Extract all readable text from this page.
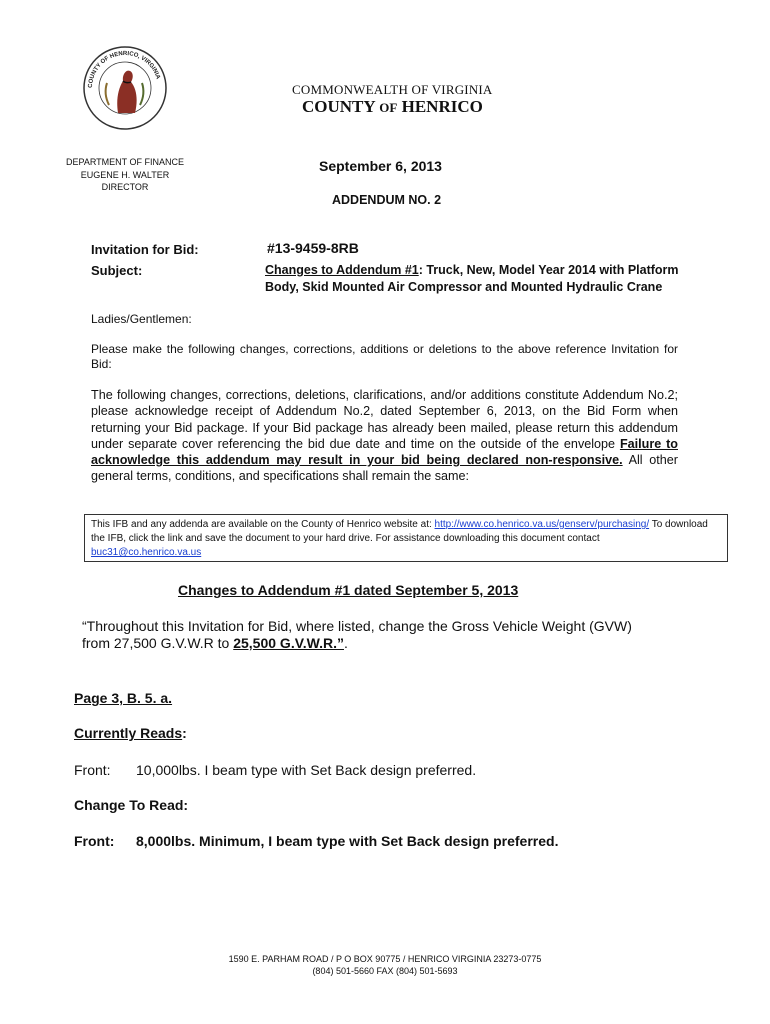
COUNTY OF HENRICO, VIRGINIA
COMMONWEALTH OF VIRGINIA
COUNTY OF HENRICO
DEPARTMENT OF FINANCE
EUGENE H. WALTER
DIRECTOR
September 6, 2013
ADDENDUM NO. 2
Invitation for Bid:	#13-9459-8RB
Subject:	Changes to Addendum #1: Truck, New, Model Year 2014 with Platform Body, Skid Mounted Air Compressor and Mounted Hydraulic Crane
Ladies/Gentlemen:
Please make the following changes, corrections, additions or deletions to the above reference Invitation for Bid:
The following changes, corrections, deletions, clarifications, and/or additions constitute Addendum No.2; please acknowledge receipt of Addendum No.2, dated September 6, 2013, on the Bid Form when returning your Bid package. If your Bid package has already been mailed, please return this addendum under separate cover referencing the bid due date and time on the outside of the envelope Failure to acknowledge this addendum may result in your bid being declared non-responsive. All other general terms, conditions, and specifications shall remain the same:
This IFB and any addenda are available on the County of Henrico website at: http://www.co.henrico.va.us/genserv/purchasing/ To download the IFB, click the link and save the document to your hard drive. For assistance downloading this document contact
buc31@co.henrico.va.us
Changes to Addendum #1 dated September 5, 2013
“Throughout this Invitation for Bid, where listed, change the Gross Vehicle Weight (GVW) from 27,500 G.V.W.R to 25,500 G.V.W.R.”.
Page 3, B. 5. a.
Currently Reads:
Front: 10,000lbs. I beam type with Set Back design preferred.
Change To Read:
Front: 8,000lbs. Minimum, I beam type with Set Back design preferred.
1590 E. PARHAM ROAD / P O BOX 90775 / HENRICO VIRGINIA 23273-0775
(804) 501-5660 FAX (804) 501-5693
